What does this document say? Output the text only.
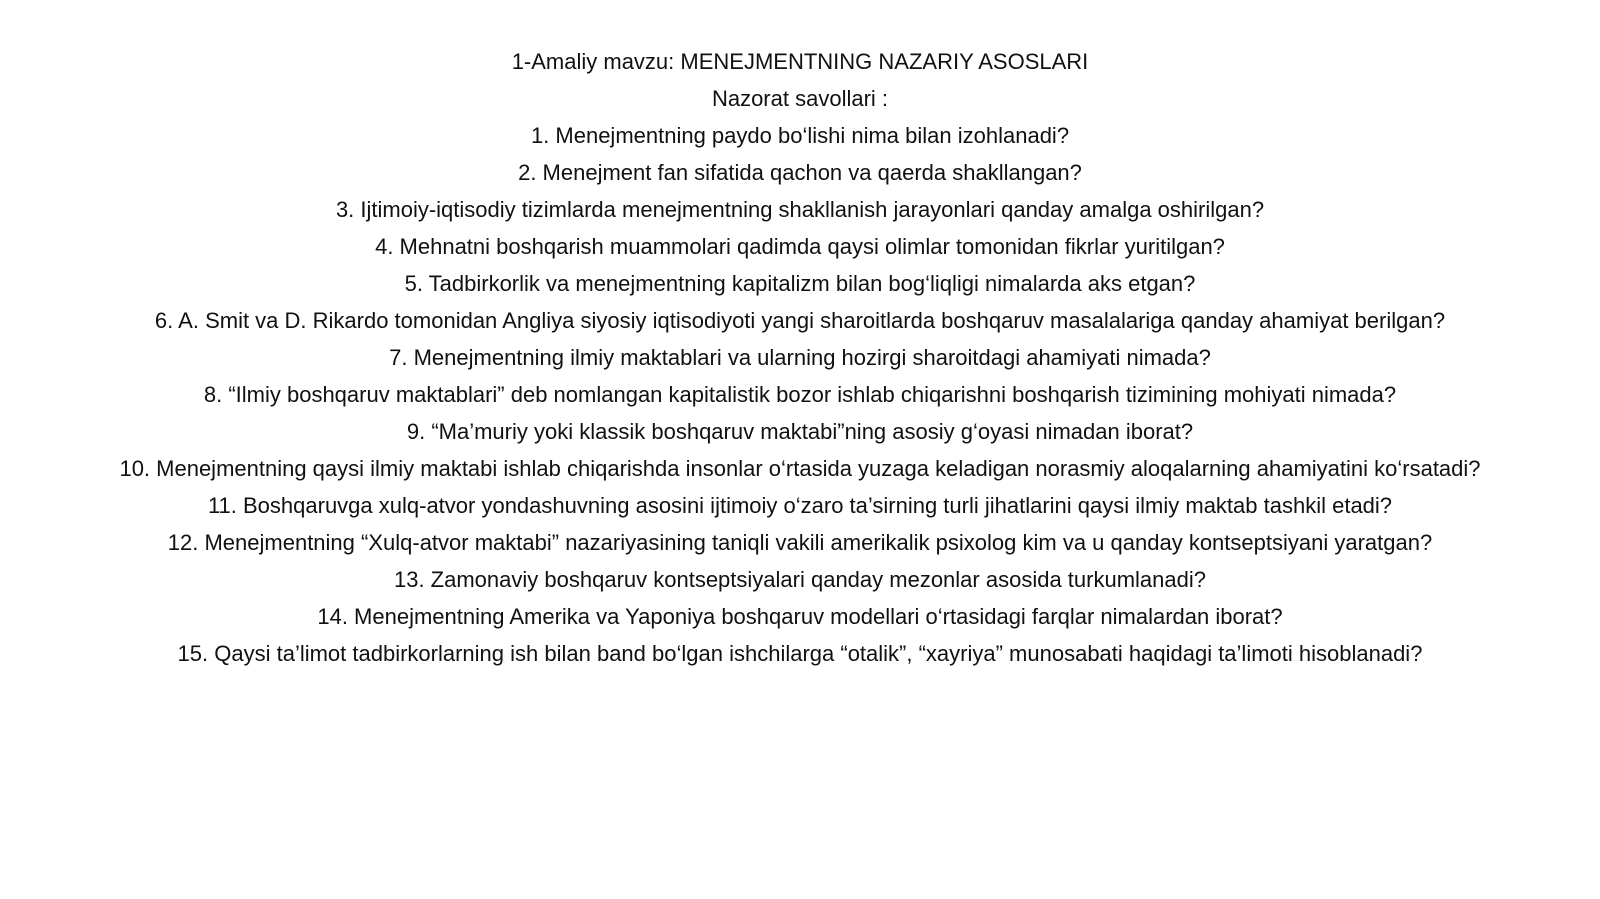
1-Amaliy mavzu: MENEJMENTNING NAZARIY ASOSLARI

Nazorat savollari :

1. Menejmentning paydo bo‘lishi nima bilan izohlanadi?

2. Menejment fan sifatida qachon va qaerda shakllangan?

3. Ijtimoiy-iqtisodiy tizimlarda menejmentning shakllanish jarayonlari qanday amalga oshirilgan?

4. Mehnatni boshqarish muammolari qadimda qaysi olimlar tomonidan fikrlar yuritilgan?

5. Tadbirkorlik va menejmentning kapitalizm bilan bog‘liqligi nimalarda aks etgan?

6. A. Smit va D. Rikardo tomonidan Angliya siyosiy iqtisodiyoti yangi sharoitlarda boshqaruv masalalariga qanday ahamiyat berilgan?

7. Menejmentning ilmiy maktablari va ularning hozirgi sharoitdagi ahamiyati nimada?

8. “Ilmiy boshqaruv maktablari” deb nomlangan kapitalistik bozor ishlab chiqarishni boshqarish tizimining mohiyati nimada?

9. “Ma’muriy yoki klassik boshqaruv maktabi”ning asosiy g‘oyasi nimadan iborat?

10. Menejmentning qaysi ilmiy maktabi ishlab chiqarishda insonlar o‘rtasida yuzaga keladigan norasmiy aloqalarning ahamiyatini ko‘rsatadi?

11. Boshqaruvga xulq-atvor yondashuvning asosini ijtimoiy o‘zaro ta’sirning turli jihatlarini qaysi ilmiy maktab tashkil etadi?

12. Menejmentning “Xulq-atvor maktabi” nazariyasining taniqli vakili amerikalik psixolog kim va u qanday kontseptsiyani yaratgan?

13. Zamonaviy boshqaruv kontseptsiyalari qanday mezonlar asosida turkumlanadi?

14. Menejmentning Amerika va Yaponiya boshqaruv modellari o‘rtasidagi farqlar nimalardan iborat?

15. Qaysi ta’limot tadbirkorlarning ish bilan band bo‘lgan ishchilarga “otalik”, “xayriya” munosabati haqidagi ta’limoti hisoblanadi?
